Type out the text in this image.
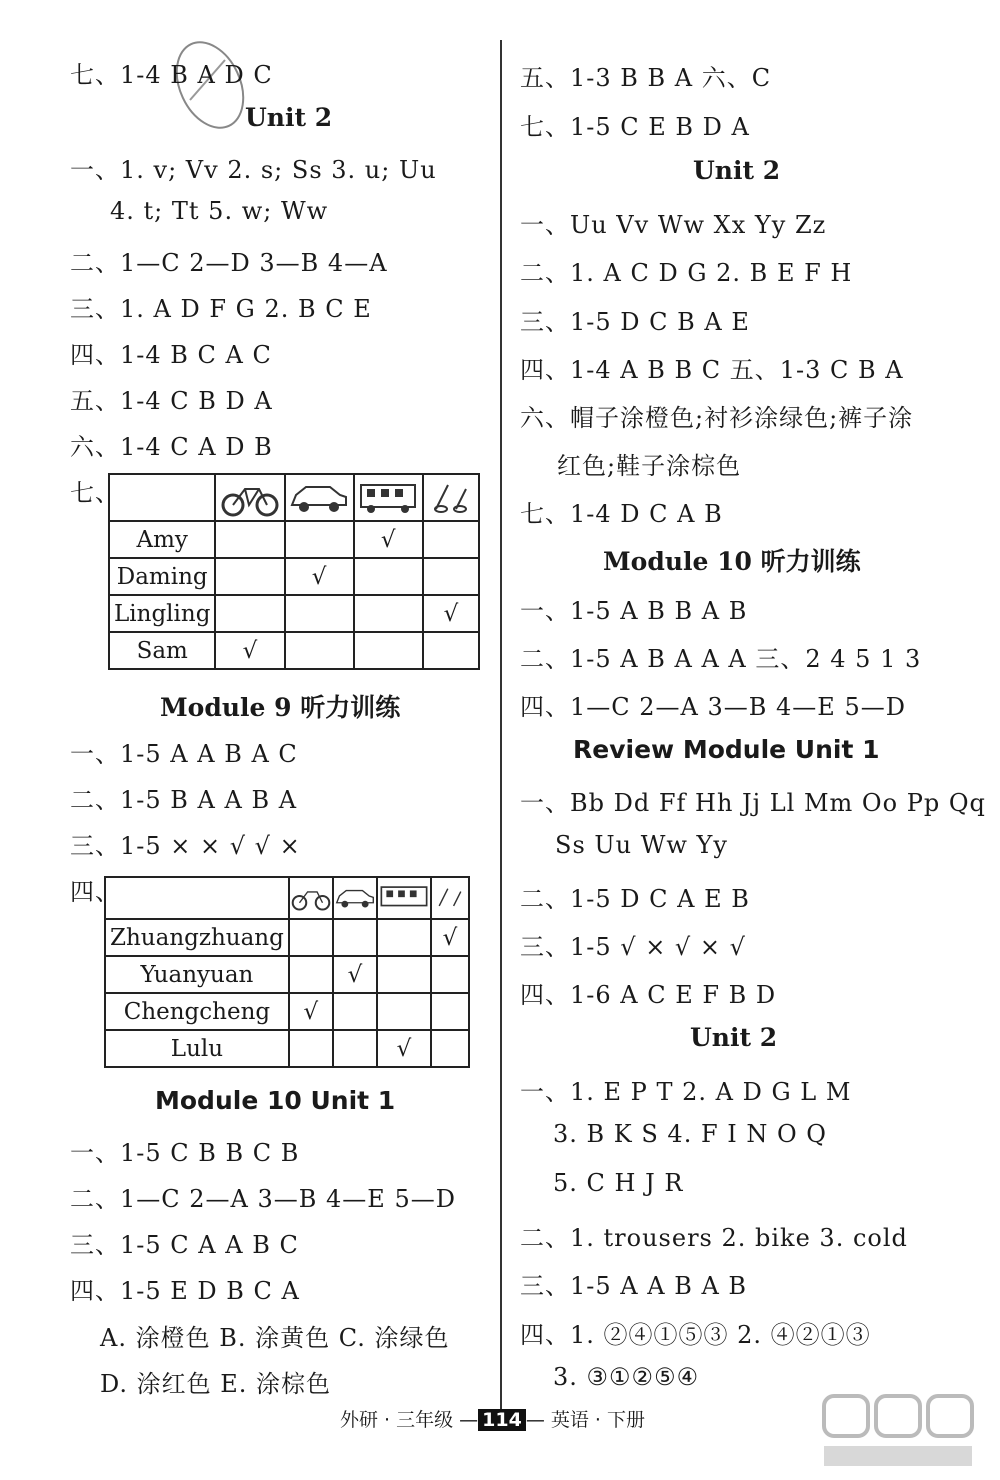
七、1-4 B A D C
Unit 2
一、1. v; Vv 2. s; Ss 3. u; Uu
4. t; Tt 5. w; Ww
二、1—C 2—D 3—B 4—A
三、1. A D F G 2. B C E
四、1-4 B C A C
五、1-4 C B D A
六、1-4 C A D B
七、

Amy			√	
Daming		√		
Lingling				√
Sam	√			
Module 9 听力训练
一、1-5 A A B A C
二、1-5 B A A B A
三、1-5 × × √ √ ×
四、

Zhuangzhuang				√
Yuanyuan		√		
Chengcheng	√			
Lulu			√	
Module 10 Unit 1
一、1-5 C B B C B
二、1—C 2—A 3—B 4—E 5—D
三、1-5 C A A B C
四、1-5 E D B C A
A. 涂橙色 B. 涂黄色 C. 涂绿色
D. 涂红色 E. 涂棕色
五、1-3 B B A 六、C
七、1-5 C E B D A
Unit 2
一、Uu Vv Ww Xx Yy Zz
二、1. A C D G 2. B E F H
三、1-5 D C B A E
四、1-4 A B B C 五、1-3 C B A
六、帽子涂橙色;衬衫涂绿色;裤子涂
红色;鞋子涂棕色
七、1-4 D C A B
Module 10 听力训练
一、1-5 A B B A B
二、1-5 A B A A A 三、2 4 5 1 3
四、1—C 2—A 3—B 4—E 5—D
Review Module Unit 1
一、Bb Dd Ff Hh Jj Ll Mm Oo Pp Qq
Ss Uu Ww Yy
二、1-5 D C A E B
三、1-5 √ × √ × √
四、1-6 A C E F B D
Unit 2
一、1. E P T 2. A D G L M
3. B K S 4. F I N O Q
5. C H J R
二、1. trousers 2. bike 3. cold
三、1-5 A A B A B
四、1. ②④①⑤③ 2. ④②①③
3. ③①②⑤④
外研 · 三年级 — 114 — 英语 · 下册
